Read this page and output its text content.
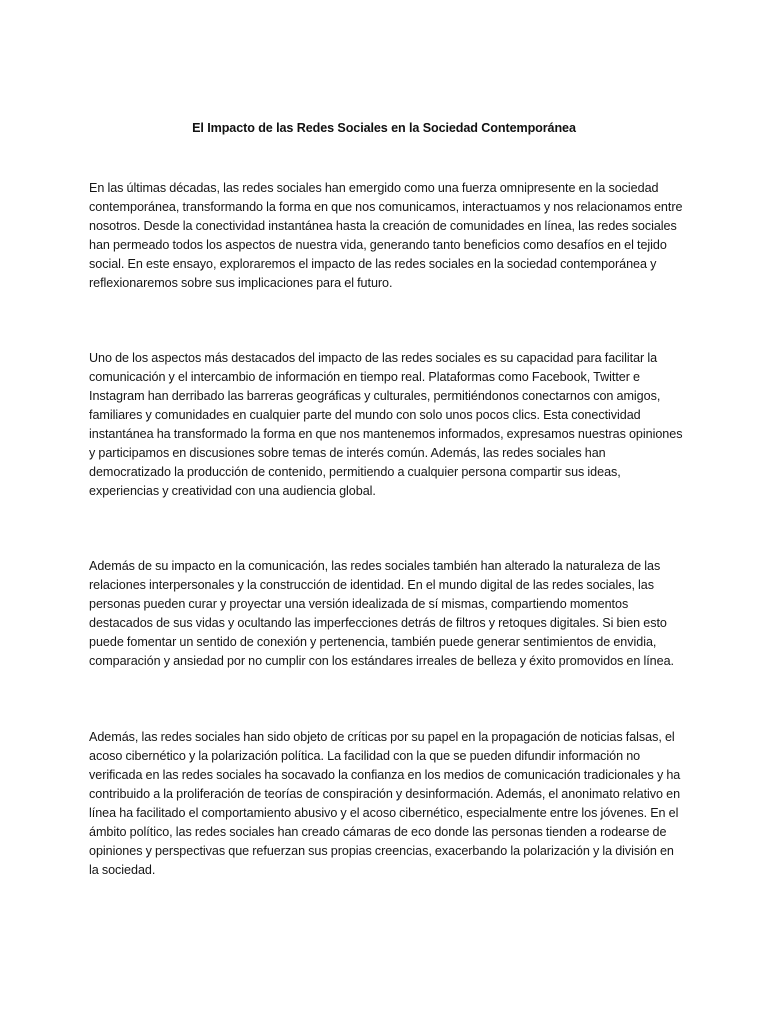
El Impacto de las Redes Sociales en la Sociedad Contemporánea

En las últimas décadas, las redes sociales han emergido como una fuerza omnipresente en la sociedad contemporánea, transformando la forma en que nos comunicamos, interactuamos y nos relacionamos entre nosotros. Desde la conectividad instantánea hasta la creación de comunidades en línea, las redes sociales han permeado todos los aspectos de nuestra vida, generando tanto beneficios como desafíos en el tejido social. En este ensayo, exploraremos el impacto de las redes sociales en la sociedad contemporánea y reflexionaremos sobre sus implicaciones para el futuro.

Uno de los aspectos más destacados del impacto de las redes sociales es su capacidad para facilitar la comunicación y el intercambio de información en tiempo real. Plataformas como Facebook, Twitter e Instagram han derribado las barreras geográficas y culturales, permitiéndonos conectarnos con amigos, familiares y comunidades en cualquier parte del mundo con solo unos pocos clics. Esta conectividad instantánea ha transformado la forma en que nos mantenemos informados, expresamos nuestras opiniones y participamos en discusiones sobre temas de interés común. Además, las redes sociales han democratizado la producción de contenido, permitiendo a cualquier persona compartir sus ideas, experiencias y creatividad con una audiencia global.

Además de su impacto en la comunicación, las redes sociales también han alterado la naturaleza de las relaciones interpersonales y la construcción de identidad. En el mundo digital de las redes sociales, las personas pueden curar y proyectar una versión idealizada de sí mismas, compartiendo momentos destacados de sus vidas y ocultando las imperfecciones detrás de filtros y retoques digitales. Si bien esto puede fomentar un sentido de conexión y pertenencia, también puede generar sentimientos de envidia, comparación y ansiedad por no cumplir con los estándares irreales de belleza y éxito promovidos en línea.

Además, las redes sociales han sido objeto de críticas por su papel en la propagación de noticias falsas, el acoso cibernético y la polarización política. La facilidad con la que se pueden difundir información no verificada en las redes sociales ha socavado la confianza en los medios de comunicación tradicionales y ha contribuido a la proliferación de teorías de conspiración y desinformación. Además, el anonimato relativo en línea ha facilitado el comportamiento abusivo y el acoso cibernético, especialmente entre los jóvenes. En el ámbito político, las redes sociales han creado cámaras de eco donde las personas tienden a rodearse de opiniones y perspectivas que refuerzan sus propias creencias, exacerbando la polarización y la división en la sociedad.
